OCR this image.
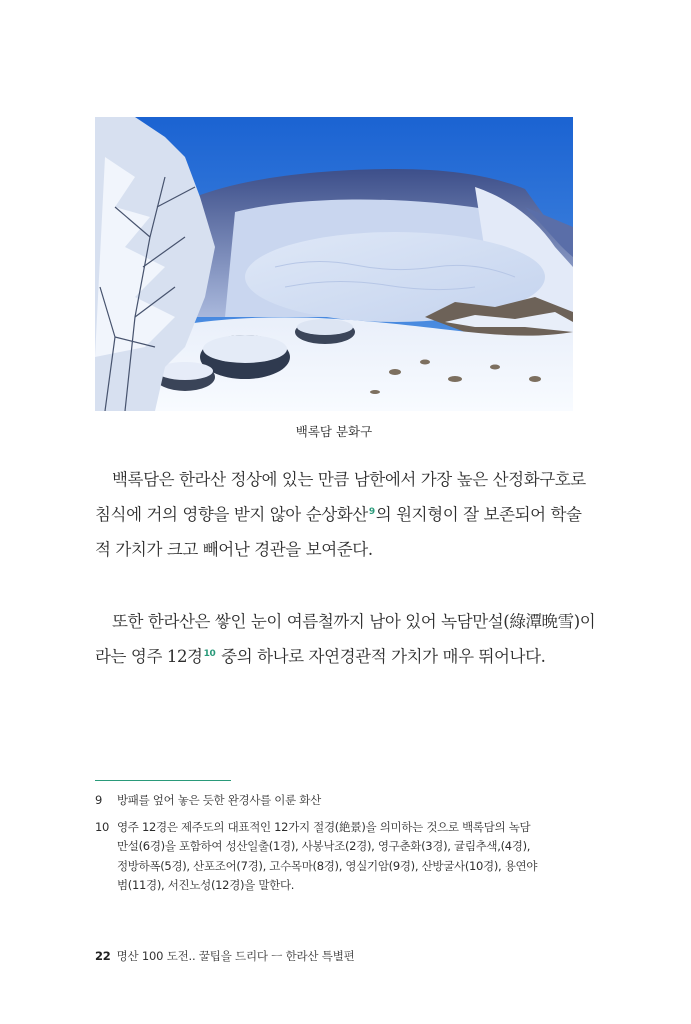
백록담 분화구
백록담은 한라산 정상에 있는 만큼 남한에서 가장 높은 산정화구호로
침식에 거의 영향을 받지 않아 순상화산$^9$의 원지형이 잘 보존되어 학술
적 가치가 크고 빼어난 경관을 보여준다.
또한 한라산은 쌓인 눈이 여름철까지 남아 있어 녹담만설(綠潭晩雪)이
라는 영주 12경$^{10}$ 중의 하나로 자연경관적 가치가 매우 뛰어나다.
9	방패를 엎어 놓은 듯한 완경사를 이룬 화산
10 영주 12경은 제주도의 대표적인 12가지 절경(絶景)을 의미하는 것으로 백록담의 녹담
만설(6경)을 포함하여 성산일출(1경), 사봉낙조(2경), 영구춘화(3경), 귤림추색,(4경),
정방하폭(5경), 산포조어(7경), 고수목마(8경), 영실기암(9경), 산방굴사(10경), 용연야
범(11경), 서진노성(12경)을 말한다.
22 명산 100 도전.. 꿀팁을 드리다 ㅡ 한라산 특별편
